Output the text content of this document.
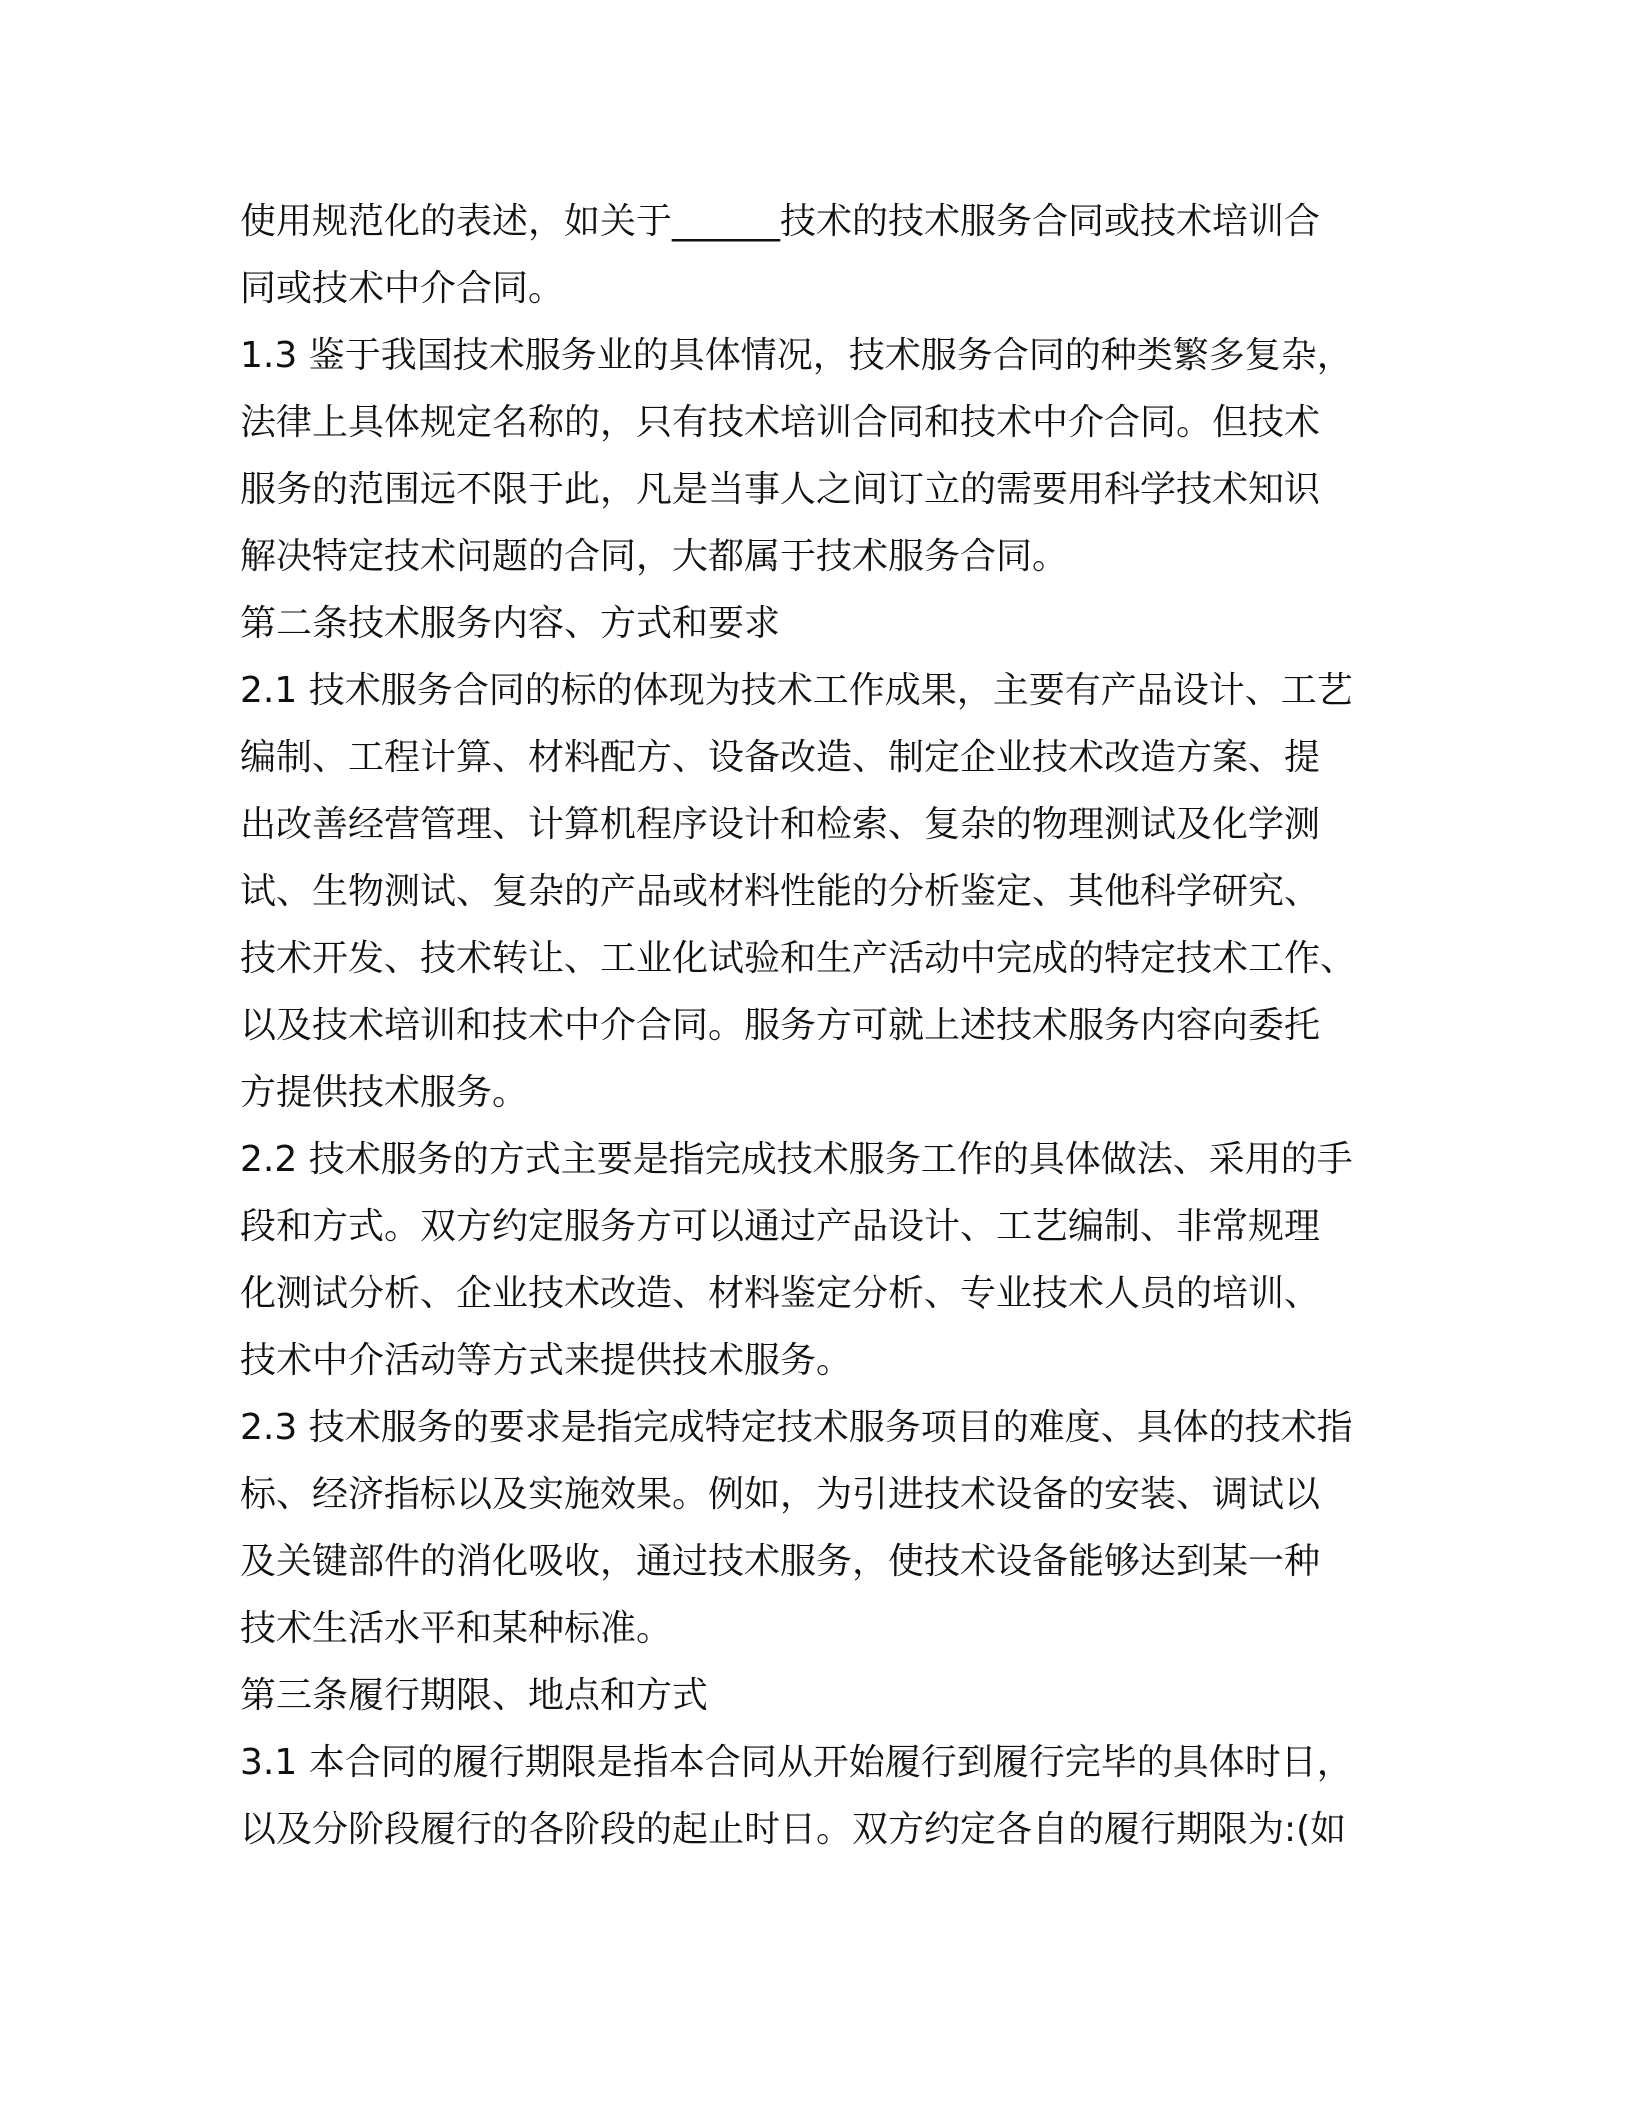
使用规范化的表述，如关于______技术的技术服务合同或技术培训合
同或技术中介合同。
1.3 鉴于我国技术服务业的具体情况，技术服务合同的种类繁多复杂，
法律上具体规定名称的，只有技术培训合同和技术中介合同。但技术
服务的范围远不限于此，凡是当事人之间订立的需要用科学技术知识
解决特定技术问题的合同，大都属于技术服务合同。
第二条技术服务内容、方式和要求
2.1 技术服务合同的标的体现为技术工作成果，主要有产品设计、工艺
编制、工程计算、材料配方、设备改造、制定企业技术改造方案、提
出改善经营管理、计算机程序设计和检索、复杂的物理测试及化学测
试、生物测试、复杂的产品或材料性能的分析鉴定、其他科学研究、
技术开发、技术转让、工业化试验和生产活动中完成的特定技术工作、
以及技术培训和技术中介合同。服务方可就上述技术服务内容向委托
方提供技术服务。
2.2 技术服务的方式主要是指完成技术服务工作的具体做法、采用的手
段和方式。双方约定服务方可以通过产品设计、工艺编制、非常规理
化测试分析、企业技术改造、材料鉴定分析、专业技术人员的培训、
技术中介活动等方式来提供技术服务。
2.3 技术服务的要求是指完成特定技术服务项目的难度、具体的技术指
标、经济指标以及实施效果。例如，为引进技术设备的安装、调试以
及关键部件的消化吸收，通过技术服务，使技术设备能够达到某一种
技术生活水平和某种标准。
第三条履行期限、地点和方式
3.1 本合同的履行期限是指本合同从开始履行到履行完毕的具体时日，
以及分阶段履行的各阶段的起止时日。双方约定各自的履行期限为:(如
